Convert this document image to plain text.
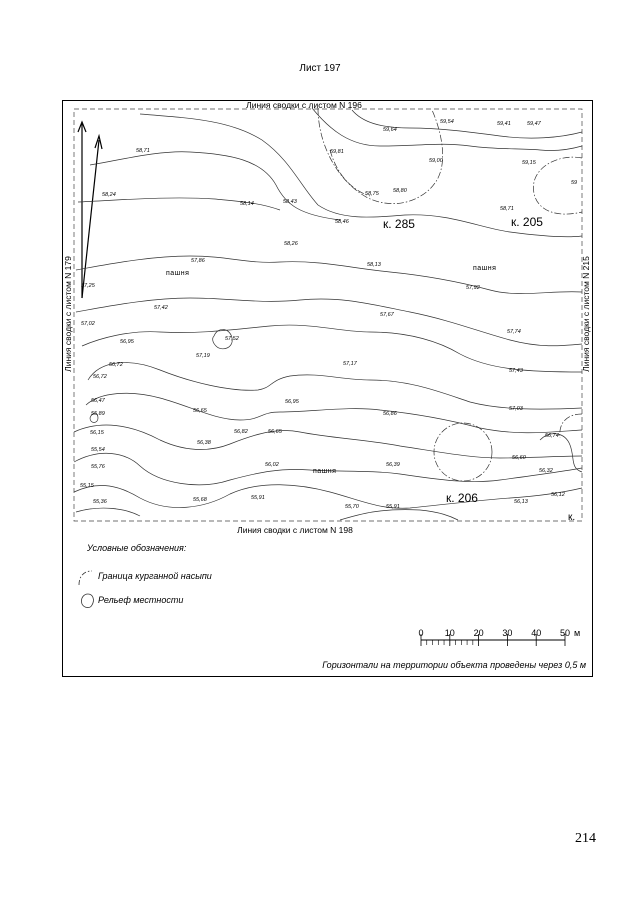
Лист 197
Линия сводки с листом N 196
Линия сводки с листом N 198
Линия сводки с листом N 179	Линия сводки с листом N 215
к. 285	к. 205
к. 206
к.
пашня
пашня
пашня
59,64
59,54	59,41	59,47
58,71	59,81
59,00	59,15
59
58,24
58,14	58,43
58,75	58,80
58,71
58,46
58,26
58,13
57,86
57,92
57,25
57,42
57,67
57,02
57,74
56,95	57,52
57,19
56,72	57,17
57,43
56,72
56,47	56,95
57,03
55,89	56,65
56,15
56,38
56,82	56,65
56,86
56,74
55,54
56,60
55,76	56,02	56,39
56,32
55,15
55,36	55,68	55,91
55,70	55,91
56,13
56,12
Условные обозначения:
Граница курганной насыпи
Рельеф местности
0 10 20 30 40 50 м
Горизонтали на территории объекта проведены через 0,5 м
214
